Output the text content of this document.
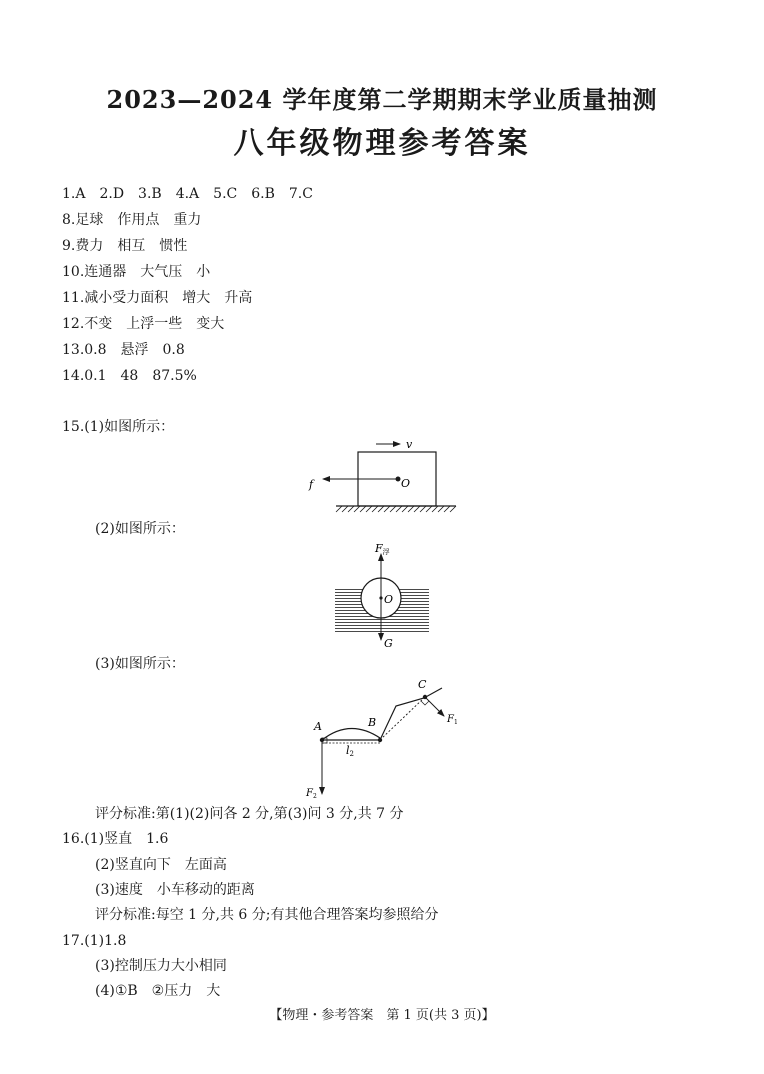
2023—2024 学年度第二学期期末学业质量抽测
八年级物理参考答案
1.A　2.D　3.B　4.A　5.C　6.B　7.C
8.足球　作用点　重力
9.费力　相互　惯性
10.连通器　大气压　小
11.减小受力面积　增大　升高
12.不变　上浮一些　变大
13.0.8　悬浮　0.8
14.0.1　48　87.5%
15.(1)如图所示：
v
O
f
(2)如图所示：
O
F浮
G
(3)如图所示：
A	B
C
l2
$F_1$
$F_2$
评分标准:第(1)(2)问各 2 分,第(3)问 3 分,共 7 分
16.(1)竖直　1.6
(2)竖直向下　左面高
(3)速度　小车移动的距离
评分标准:每空 1 分,共 6 分;有其他合理答案均参照给分
17.(1)1.8
(3)控制压力大小相同
(4)①B　②压力　大
【物理・参考答案　第 1 页(共 3 页)】
